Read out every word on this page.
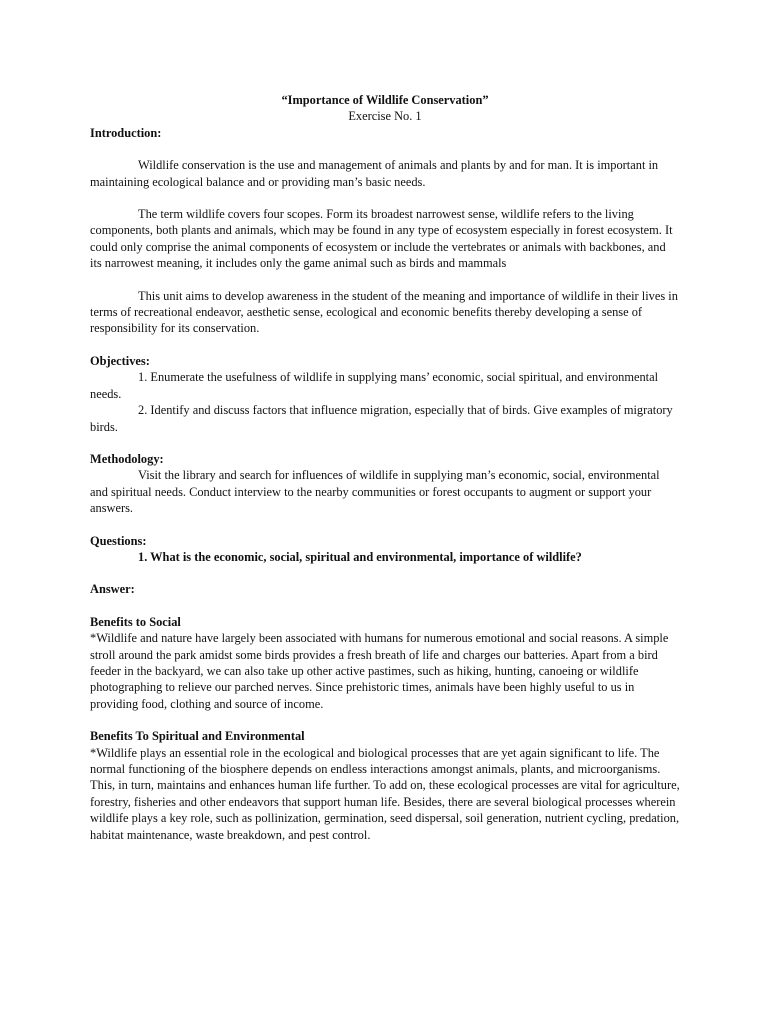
“Importance of Wildlife Conservation”

Exercise No. 1

Introduction:

Wildlife conservation is the use and management of animals and plants by and for man. It is important in maintaining ecological balance and or providing man’s basic needs.

The term wildlife covers four scopes. Form its broadest narrowest sense, wildlife refers to the living components, both plants and animals, which may be found in any type of ecosystem especially in forest ecosystem. It could only comprise the animal components of ecosystem or include the vertebrates or animals with backbones, and its narrowest meaning, it includes only the game animal such as birds and mammals

This unit aims to develop awareness in the student of the meaning and importance of wildlife in their lives in terms of recreational endeavor, aesthetic sense, ecological and economic benefits thereby developing a sense of responsibility for its conservation.

Objectives:

1. Enumerate the usefulness of wildlife in supplying mans’ economic, social spiritual, and environmental needs.

2. Identify and discuss factors that influence migration, especially that of birds. Give examples of migratory birds.

Methodology:

Visit the library and search for influences of wildlife in supplying man’s economic, social, environmental and spiritual needs. Conduct interview to the nearby communities or forest occupants to augment or support your answers.

Questions:

1. What is the economic, social, spiritual and environmental, importance of wildlife?

Answer:

Benefits to Social

*Wildlife and nature have largely been associated with humans for numerous emotional and social reasons. A simple stroll around the park amidst some birds provides a fresh breath of life and charges our batteries. Apart from a bird feeder in the backyard, we can also take up other active pastimes, such as hiking, hunting, canoeing or wildlife photographing to relieve our parched nerves. Since prehistoric times, animals have been highly useful to us in providing food, clothing and source of income.

Benefits To Spiritual and Environmental

*Wildlife plays an essential role in the ecological and biological processes that are yet again significant to life. The normal functioning of the biosphere depends on endless interactions amongst animals, plants, and microorganisms. This, in turn, maintains and enhances human life further. To add on, these ecological processes are vital for agriculture, forestry, fisheries and other endeavors that support human life. Besides, there are several biological processes wherein wildlife plays a key role, such as pollinization, germination, seed dispersal, soil generation, nutrient cycling, predation, habitat maintenance, waste breakdown, and pest control.
